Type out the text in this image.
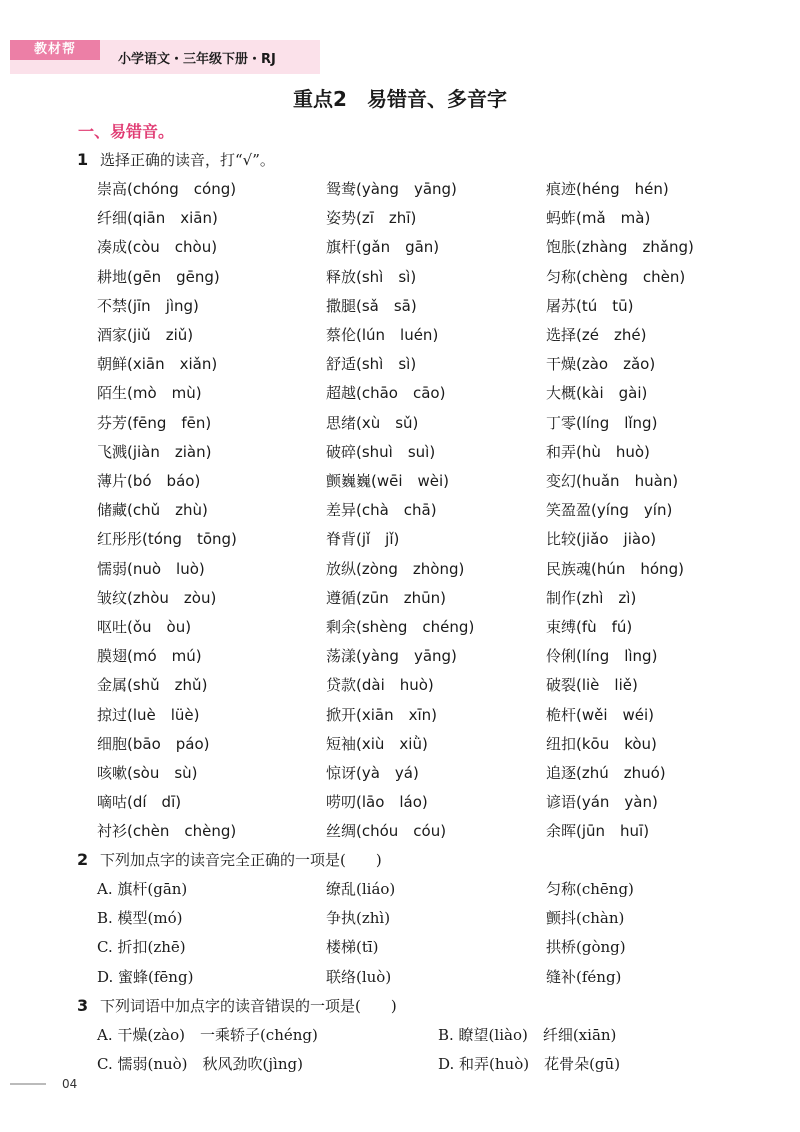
教材帮
小学语文・三年级下册・RJ
重点2　易错音、多音字
一、易错音。
1 选择正确的读音，打“√”。
崇高(chóng　cóng)	鸳鸯(yàng　yāng)	痕迹(héng　hén)
纤细(qiān　xiān)	姿势(zī　zhī)	蚂蚱(mǎ　mà)
凑成(còu　chòu)	旗杆(gǎn　gān)	饱胀(zhàng　zhǎng)
耕地(gēn　gēng)	释放(shì　sì)	匀称(chèng　chèn)
不禁(jīn　jìng)	撒腿(sǎ　sā)	屠苏(tú　tū)
酒家(jiǔ　ziǔ)	蔡伦(lún　luén)	选择(zé　zhé)
朝鲜(xiān　xiǎn)	舒适(shì　sì)	干燥(zào　zǎo)
陌生(mò　mù)	超越(chāo　cāo)	大概(kài　gài)
芬芳(fēng　fēn)	思绪(xù　sǔ)	丁零(líng　lǐng)
飞溅(jiàn　ziàn)	破碎(shuì　suì)	和弄(hù　huò)
薄片(bó　báo)	颤巍巍(wēi　wèi)	变幻(huǎn　huàn)
储藏(chǔ　zhù)	差异(chà　chā)	笑盈盈(yíng　yín)
红彤彤(tóng　tōng)	脊背(jǐ　jǐ)	比较(jiǎo　jiào)
懦弱(nuò　luò)	放纵(zòng　zhòng)	民族魂(hún　hóng)
皱纹(zhòu　zòu)	遵循(zūn　zhūn)	制作(zhì　zì)
呕吐(ǒu　òu)	剩余(shèng　chéng)	束缚(fù　fú)
膜翅(mó　mú)	荡漾(yàng　yāng)	伶俐(líng　lìng)
金属(shǔ　zhǔ)	贷款(dài　huò)	破裂(liè　liě)
掠过(luè　lüè)	掀开(xiān　xīn)	桅杆(wěi　wéi)
细胞(bāo　páo)	短袖(xiù　xiǜ)	纽扣(kōu　kòu)
咳嗽(sòu　sù)	惊讶(yà　yá)	追逐(zhú　zhuó)
嘀咕(dí　dī)	唠叨(lāo　láo)	谚语(yán　yàn)
衬衫(chèn　chèng)	丝绸(chóu　cóu)	余晖(jūn　huī)
2 下列加点字的读音完全正确的一项是(　　)
A. 旗杆(gān)	缭乱(liáo)	匀称(chēng)
B. 模型(mó)	争执(zhì)	颤抖(chàn)
C. 折扣(zhē)	楼梯(tī)	拱桥(gòng)
D. 蜜蜂(fēng)	联络(luò)	缝补(féng)
3 下列词语中加点字的读音错误的一项是(　　)
A. 干燥(zào)　一乘轿子(chéng)	B. 瞭望(liào)　纤细(xiān)
C. 懦弱(nuò)　秋风劲吹(jìng)	D. 和弄(huò)　花骨朵(gū)
04
